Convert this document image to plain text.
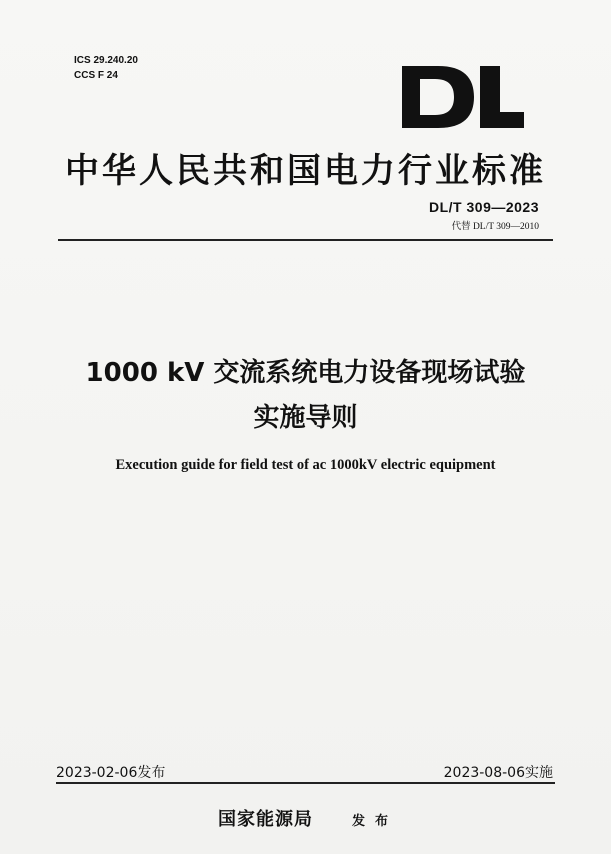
ICS 29.240.20
CCS F 24
中华人民共和国电力行业标准
DL/T 309—2023
代替 DL/T 309—2010
1000 kV 交流系统电力设备现场试验
实施导则
Execution guide for field test of ac 1000kV electric equipment
2023-02-06发布	2023-08-06实施
国家能源局	发布
